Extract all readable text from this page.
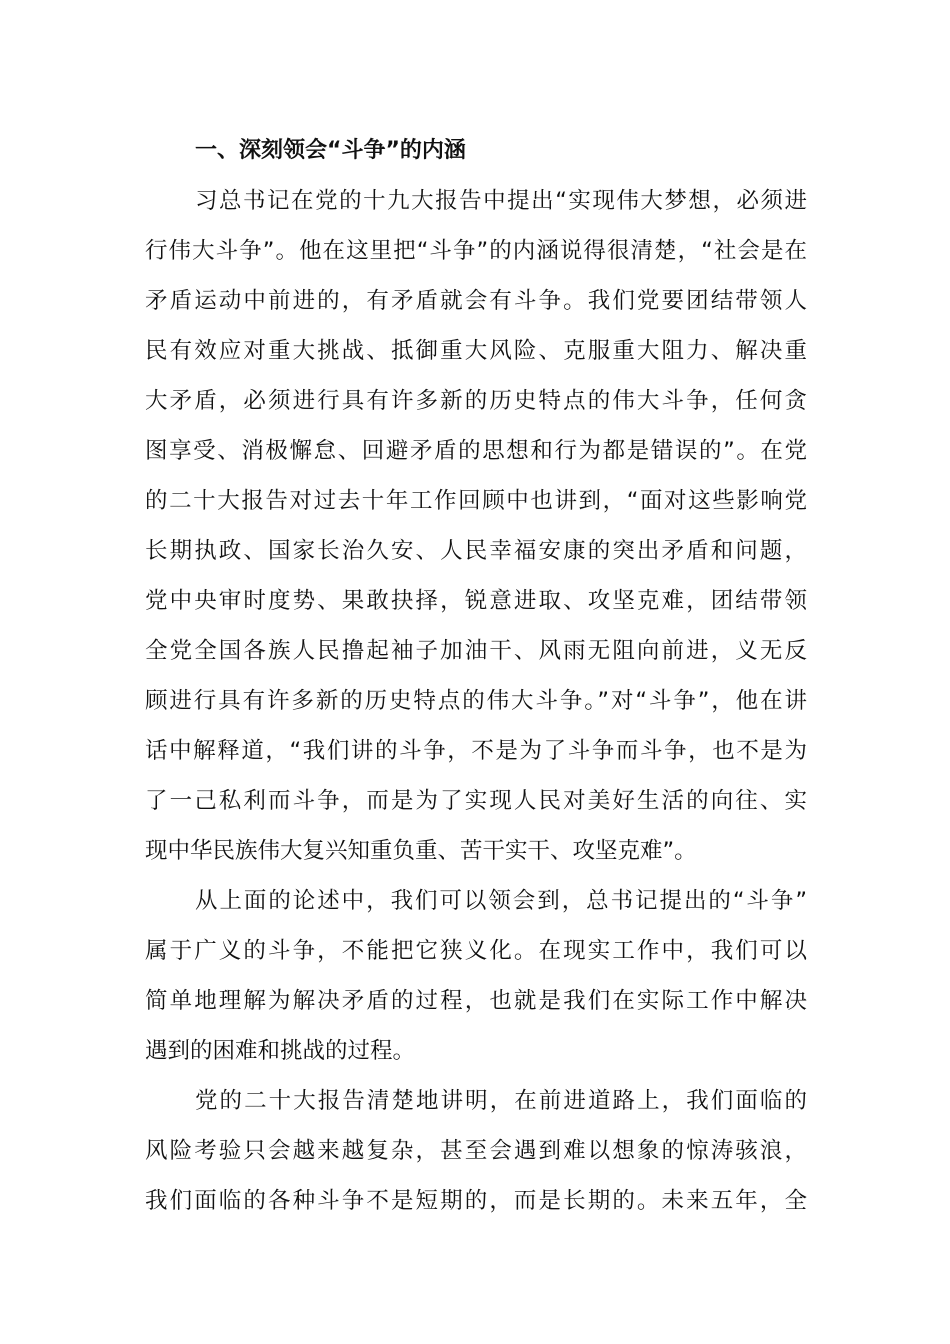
一、深刻领会“斗争”的内涵
习总书记在党的十九大报告中提出“实现伟大梦想，必须进
行伟大斗争”。他在这里把“斗争”的内涵说得很清楚，“社会是在
矛盾运动中前进的，有矛盾就会有斗争。我们党要团结带领人
民有效应对重大挑战、抵御重大风险、克服重大阻力、解决重
大矛盾，必须进行具有许多新的历史特点的伟大斗争，任何贪
图享受、消极懈怠、回避矛盾的思想和行为都是错误的”。在党
的二十大报告对过去十年工作回顾中也讲到，“面对这些影响党
长期执政、国家长治久安、人民幸福安康的突出矛盾和问题，
党中央审时度势、果敢抉择，锐意进取、攻坚克难，团结带领
全党全国各族人民撸起袖子加油干、风雨无阻向前进，义无反
顾进行具有许多新的历史特点的伟大斗争。”对“斗争”，他在讲
话中解释道，“我们讲的斗争，不是为了斗争而斗争，也不是为
了一己私利而斗争，而是为了实现人民对美好生活的向往、实
现中华民族伟大复兴知重负重、苦干实干、攻坚克难”。
从上面的论述中，我们可以领会到，总书记提出的“斗争”
属于广义的斗争，不能把它狭义化。在现实工作中，我们可以
简单地理解为解决矛盾的过程，也就是我们在实际工作中解决
遇到的困难和挑战的过程。
党的二十大报告清楚地讲明，在前进道路上，我们面临的
风险考验只会越来越复杂，甚至会遇到难以想象的惊涛骇浪，
我们面临的各种斗争不是短期的，而是长期的。未来五年，全
